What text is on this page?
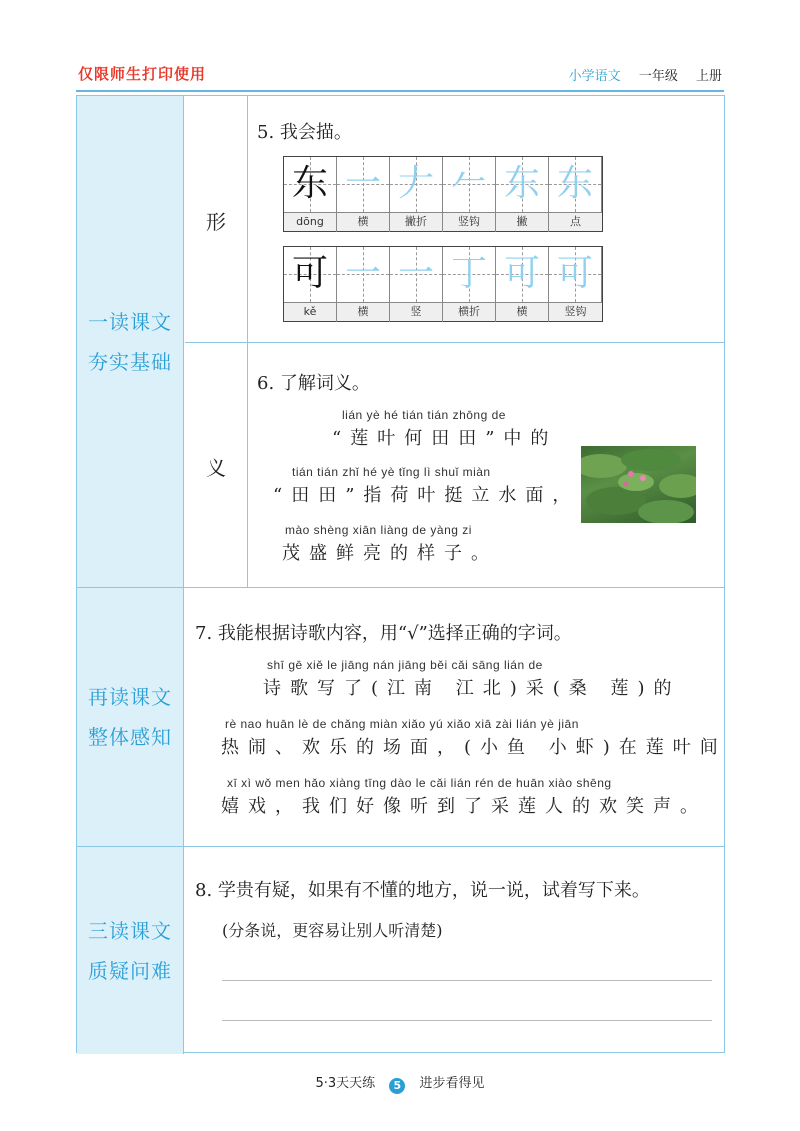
仅限师生打印使用	小学语文 一年级 上册
一读课文
夯实基础
形
义
5. 我会描。
东 一 𠂇 𠂉 东 东
dōng	横	撇折	竖钩	撇	点
可 一 一 丁 可 可
kě	横	竖	横折	横	竖钩
6. 了解词义。
lián yè hé tián tián zhōng de
“莲叶何田田”中的
tián tián zhǐ hé yè tǐng lì shuǐ miàn
“田田”指荷叶挺立水面，
mào shèng xiān liàng de yàng zi
茂盛鲜亮的样子。
再读课文
整体感知
7. 我能根据诗歌内容，用“√”选择正确的字词。
shī gē xiě le jiāng nán jiāng běi cǎi sāng lián de
诗歌写了(江南 江北)采(桑 莲)的
rè nao huān lè de chǎng miàn xiǎo yú xiǎo xiā zài lián yè jiān
热闹、欢乐的场面，(小鱼 小虾)在莲叶间
xī xì wǒ men hǎo xiàng tīng dào le cǎi lián rén de huān xiào shēng
嬉戏，我们好像听到了采莲人的欢笑声。
三读课文
质疑问难
8. 学贵有疑，如果有不懂的地方，说一说，试着写下来。
(分条说，更容易让别人听清楚)
5·3天天练 5 进步看得见
